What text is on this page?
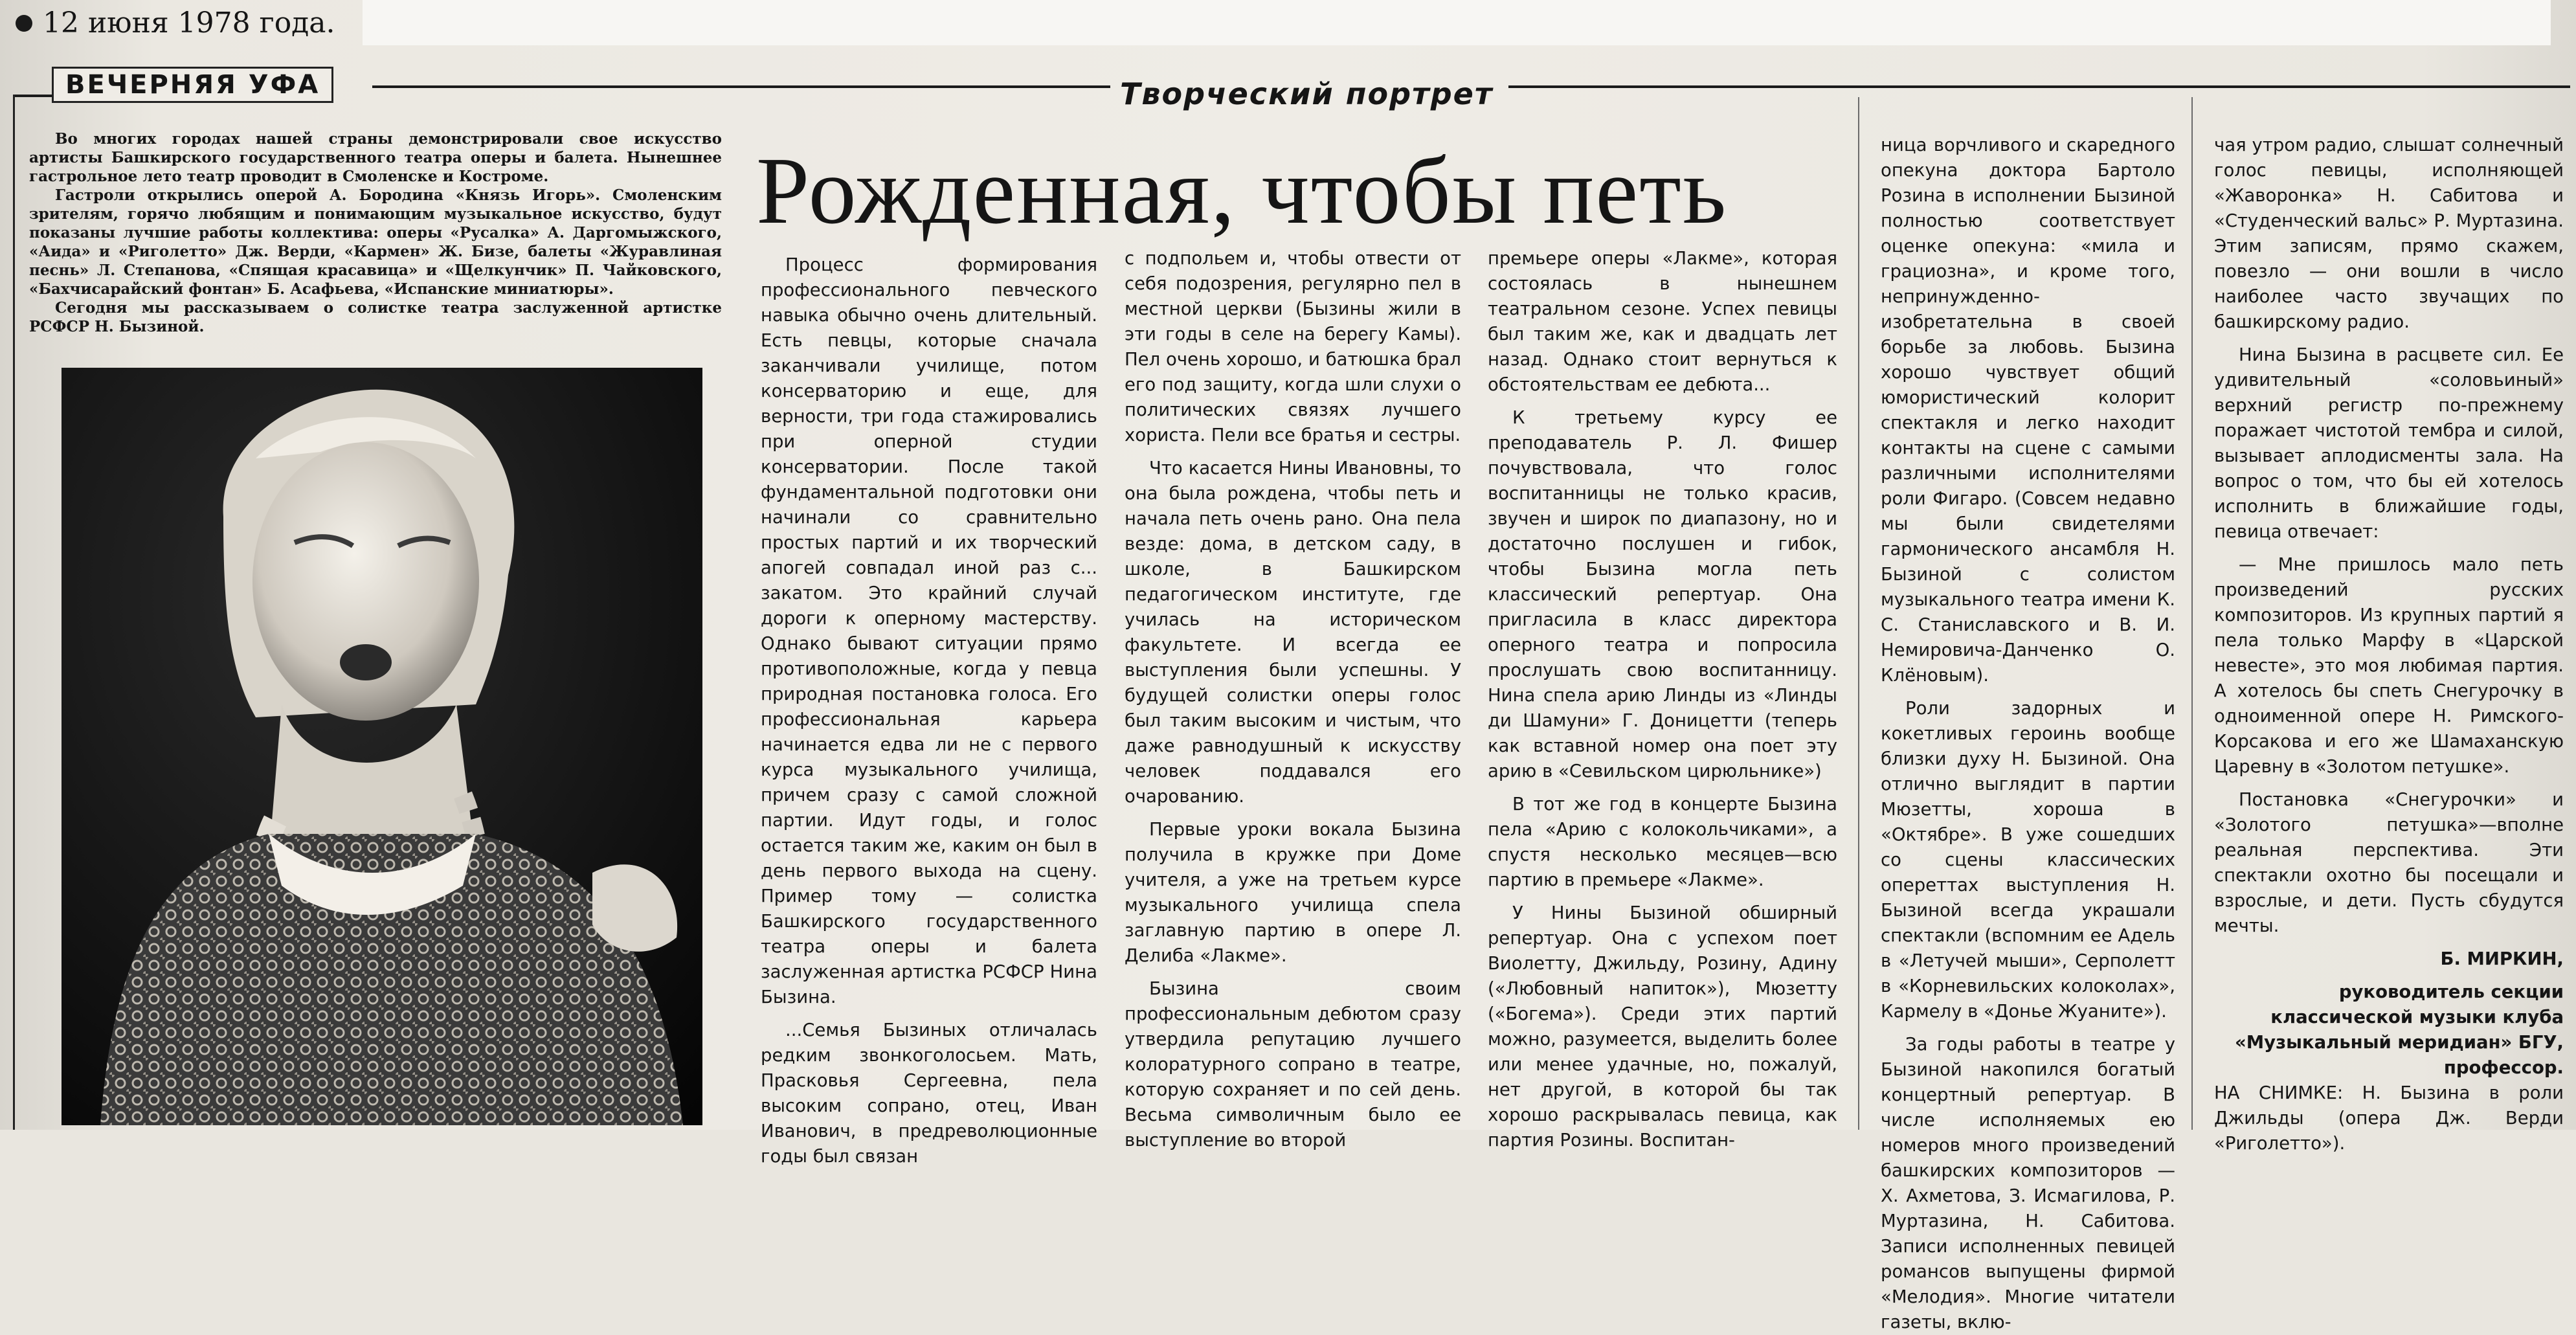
12 июня 1978 года.
ВЕЧЕРНЯЯ УФА	Творческий портрет

Во многих городах нашей страны демонстрировали свое искусство артисты Башкирского государственного театра оперы и балета. Нынешнее гастрольное лето театр проводит в Смоленске и Костроме.

Гастроли открылись оперой А. Бородина «Князь Игорь». Смоленским зрителям, горячо любящим и понимающим музыкальное искусство, будут показаны лучшие работы коллектива: оперы «Русалка» А. Даргомыжского, «Аида» и «Риголетто» Дж. Верди, «Кармен» Ж. Бизе, балеты «Журавлиная песнь» Л. Степанова, «Спящая красавица» и «Щелкунчик» П. Чайковского, «Бахчисарайский фонтан» Б. Асафьева, «Испанские миниатюры».

Сегодня мы рассказываем о солистке театра заслуженной артистке РСФСР Н. Бызиной.

Рожденная, чтобы петь

Процесс формирования профессионального певческого навыка обычно очень длительный. Есть певцы, которые сначала заканчивали училище, потом консерваторию и еще, для верности, три года стажировались при оперной студии консерватории. После такой фундаментальной подготовки они начинали со сравнительно простых партий и их творческий апогей совпадал иной раз с... закатом. Это крайний случай дороги к оперному мастерству. Однако бывают ситуации прямо противоположные, когда у певца природная постановка голоса. Его профессиональная карьера начинается едва ли не с первого курса музыкального училища, причем сразу с самой сложной партии. Идут годы, и голос остается таким же, каким он был в день первого выхода на сцену. Пример тому — солистка Башкирского государственного театра оперы и балета заслуженная артистка РСФСР Нина Бызина.

...Семья Бызиных отличалась редким звонкоголосьем. Мать, Прасковья Сергеевна, пела высоким сопрано, отец, Иван Иванович, в предреволюционные годы был связан

с подпольем и, чтобы отвести от себя подозрения, регулярно пел в местной церкви (Бызины жили в эти годы в селе на берегу Камы). Пел очень хорошо, и батюшка брал его под защиту, когда шли слухи о политических связях лучшего хориста. Пели все братья и сестры.

Что касается Нины Ивановны, то она была рождена, чтобы петь и начала петь очень рано. Она пела везде: дома, в детском саду, в школе, в Башкирском педагогическом институте, где училась на историческом факультете. И всегда ее выступления были успешны. У будущей солистки оперы голос был таким высоким и чистым, что даже равнодушный к искусству человек поддавался его очарованию.

Первые уроки вокала Бызина получила в кружке при Доме учителя, а уже на третьем курсе музыкального училища спела заглавную партию в опере Л. Делиба «Лакме».

Бызина своим профессиональным дебютом сразу утвердила репутацию лучшего колоратурного сопрано в театре, которую сохраняет и по сей день. Весьма символичным было ее выступление во второй

премьере оперы «Лакме», которая состоялась в нынешнем театральном сезоне. Успех певицы был таким же, как и двадцать лет назад. Однако стоит вернуться к обстоятельствам ее дебюта...

К третьему курсу ее преподаватель Р. Л. Фишер почувствовала, что голос воспитанницы не только красив, звучен и широк по диапазону, но и достаточно послушен и гибок, чтобы Бызина могла петь классический репертуар. Она пригласила в класс директора оперного театра и попросила прослушать свою воспитанницу. Нина спела арию Линды из «Линды ди Шамуни» Г. Доницетти (теперь как вставной номер она поет эту арию в «Севильском цирюльнике»)

В тот же год в концерте Бызина пела «Арию с колокольчиками», а спустя несколько месяцев—всю партию в премьере «Лакме».

У Нины Бызиной обширный репертуар. Она с успехом поет Виолетту, Джильду, Розину, Адину («Любовный напиток»), Мюзетту («Богема»). Среди этих партий можно, разумеется, выделить более или менее удачные, но, пожалуй, нет другой, в которой бы так хорошо раскрывалась певица, как партия Розины. Воспитан-

ница ворчливого и скаредного опекуна доктора Бартоло Розина в исполнении Бызиной полностью соответствует оценке опекуна: «мила и грациозна», и кроме того, непринужденно-изобретательна в своей борьбе за любовь. Бызина хорошо чувствует общий юмористический колорит спектакля и легко находит контакты на сцене с самыми различными исполнителями роли Фигаро. (Совсем недавно мы были свидетелями гармонического ансамбля Н. Бызиной с солистом музыкального театра имени К. С. Станиславского и В. И. Немировича-Данченко О. Клёновым).

Роли задорных и кокетливых героинь вообще близки духу Н. Бызиной. Она отлично выглядит в партии Мюзетты, хороша в «Октябре». В уже сошедших со сцены классических опереттах выступления Н. Бызиной всегда украшали спектакли (вспомним ее Адель в «Летучей мыши», Серполетт в «Корневильских колоколах», Кармелу в «Донье Жуаните»).

За годы работы в театре у Бызиной накопился богатый концертный репертуар. В числе исполняемых ею номеров много произведений башкирских композиторов — Х. Ахметова, З. Исмагилова, Р. Муртазина, Н. Сабитова. Записи исполненных певицей романсов выпущены фирмой «Мелодия». Многие читатели газеты, вклю-

чая утром радио, слышат солнечный голос певицы, исполняющей «Жаворонка» Н. Сабитова и «Студенческий вальс» Р. Муртазина. Этим записям, прямо скажем, повезло — они вошли в число наиболее часто звучащих по башкирскому радио.

Нина Бызина в расцвете сил. Ее удивительный «соловьиный» верхний регистр по-прежнему поражает чистотой тембра и силой, вызывает аплодисменты зала. На вопрос о том, что бы ей хотелось исполнить в ближайшие годы, певица отвечает:

— Мне пришлось мало петь произведений русских композиторов. Из крупных партий я пела только Марфу в «Царской невесте», это моя любимая партия. А хотелось бы спеть Снегурочку в одноименной опере Н. Римского-Корсакова и его же Шамаханскую Царевну в «Золотом петушке».

Постановка «Снегурочки» и «Золотого петушка»—вполне реальная перспектива. Эти спектакли охотно бы посещали и взрослые, и дети. Пусть сбудутся мечты.

Б. МИРКИН,

руководитель секции классической музыки клуба «Музыкальный меридиан» БГУ, профессор.

НА СНИМКЕ: Н. Бызина в роли Джильды (опера Дж. Верди «Риголетто»).
